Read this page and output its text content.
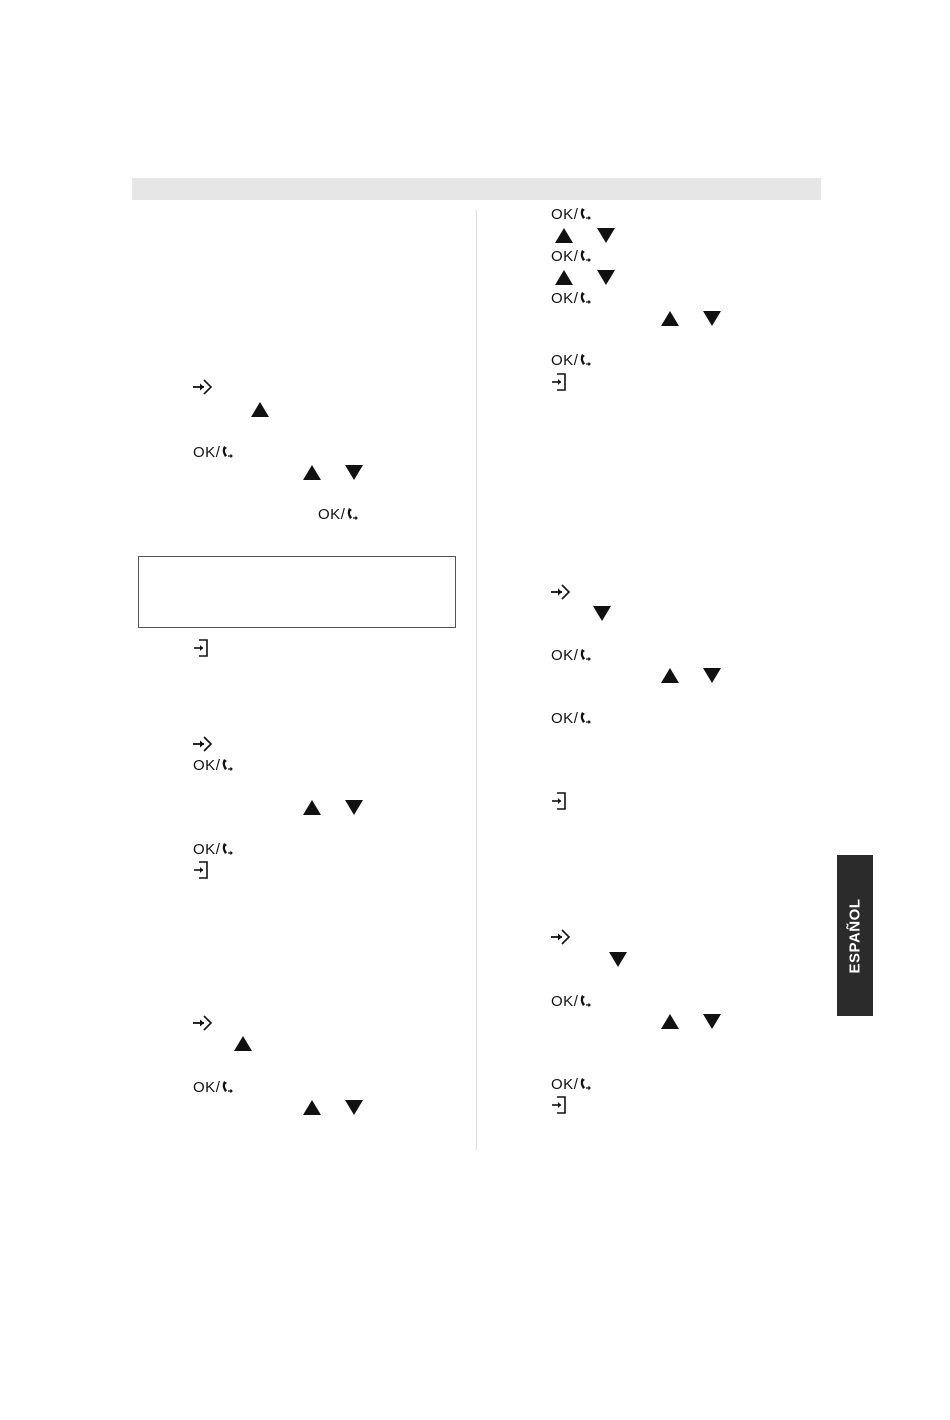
OK/
OK/
OK/
OK/
OK/
OK/
OK/
OK/
OK/
OK/
OK/
OK/
OK/
ESPAÑOL
